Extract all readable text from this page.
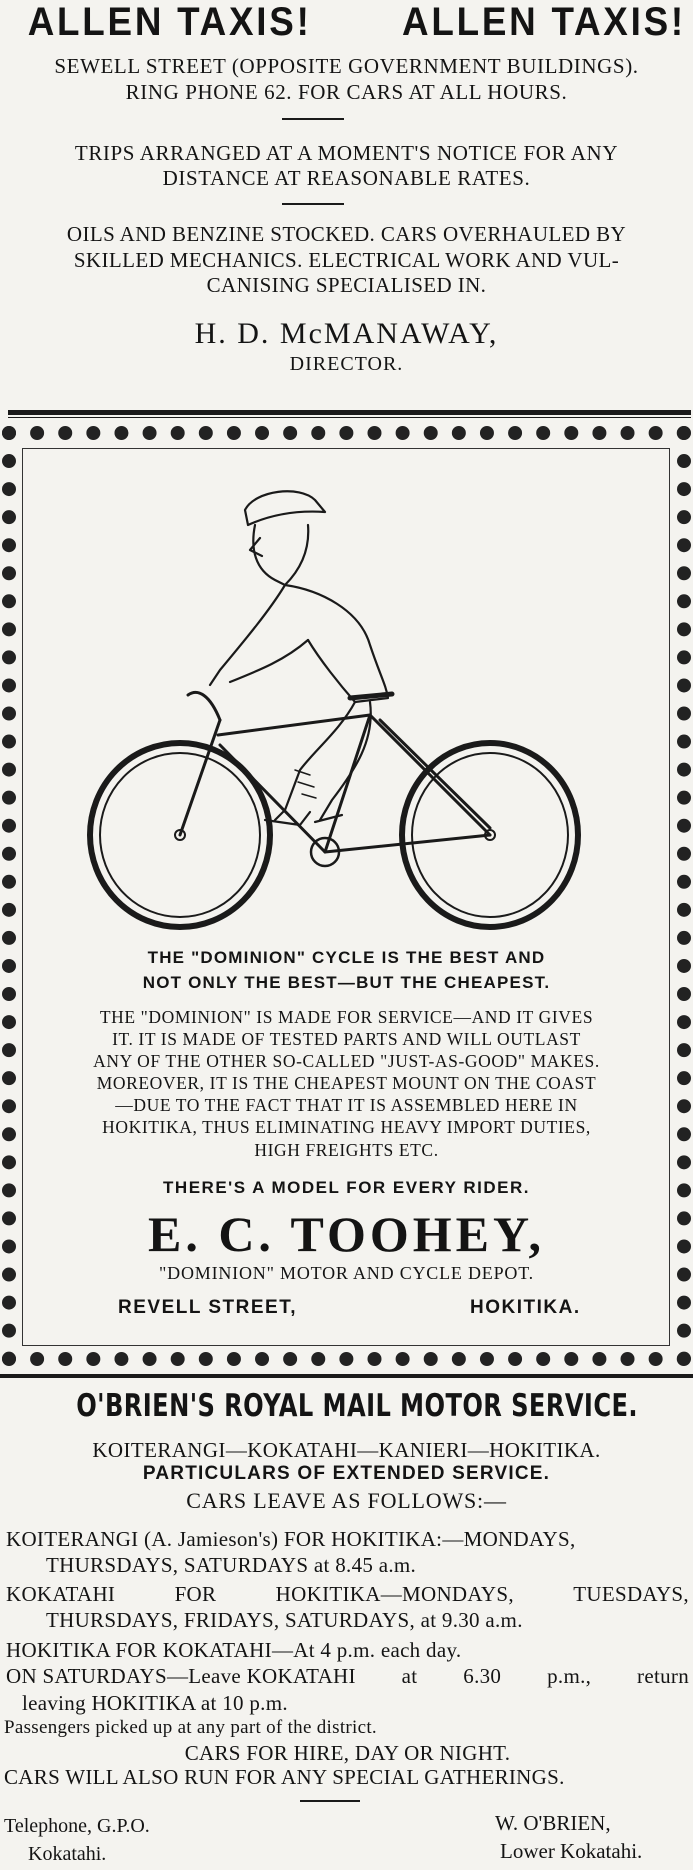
ALLEN TAXIS! ALLEN TAXIS!
SEWELL STREET (OPPOSITE GOVERNMENT BUILDINGS).
RING PHONE 62. FOR CARS AT ALL HOURS.
TRIPS ARRANGED AT A MOMENT'S NOTICE FOR ANY
DISTANCE AT REASONABLE RATES.
OILS AND BENZINE STOCKED. CARS OVERHAULED BY
SKILLED MECHANICS. ELECTRICAL WORK AND VUL-
CANISING SPECIALISED IN.
H. D. McMANAWAY,
DIRECTOR.
THE "DOMINION" CYCLE IS THE BEST AND
NOT ONLY THE BEST—BUT THE CHEAPEST.
THE "DOMINION" IS MADE FOR SERVICE—AND IT GIVES
IT. IT IS MADE OF TESTED PARTS AND WILL OUTLAST
ANY OF THE OTHER SO-CALLED "JUST-AS-GOOD" MAKES.
MOREOVER, IT IS THE CHEAPEST MOUNT ON THE COAST
—DUE TO THE FACT THAT IT IS ASSEMBLED HERE IN
HOKITIKA, THUS ELIMINATING HEAVY IMPORT DUTIES,
HIGH FREIGHTS ETC.
THERE'S A MODEL FOR EVERY RIDER.
E. C. TOOHEY,
"DOMINION" MOTOR AND CYCLE DEPOT.
REVELL STREET,	HOKITIKA.
O'BRIEN'S ROYAL MAIL MOTOR SERVICE.
KOITERANGI—KOKATAHI—KANIERI—HOKITIKA.
PARTICULARS OF EXTENDED SERVICE.
CARS LEAVE AS FOLLOWS:—
KOITERANGI (A. Jamieson's) FOR HOKITIKA:—MONDAYS,
THURSDAYS, SATURDAYS at 8.45 a.m.
KOKATAHI	FOR	HOKITIKA—MONDAYS,	TUESDAYS,
THURSDAYS, FRIDAYS, SATURDAYS, at 9.30 a.m.
HOKITIKA FOR KOKATAHI—At 4 p.m. each day.
ON SATURDAYS—Leave KOKATAHI at 6.30 p.m., return
leaving HOKITIKA at 10 p.m.
Passengers picked up at any part of the district.
CARS FOR HIRE, DAY OR NIGHT.
CARS WILL ALSO RUN FOR ANY SPECIAL GATHERINGS.
Telephone, G.P.O.
Kokatahi.
W. O'BRIEN,
Lower Kokatahi.
